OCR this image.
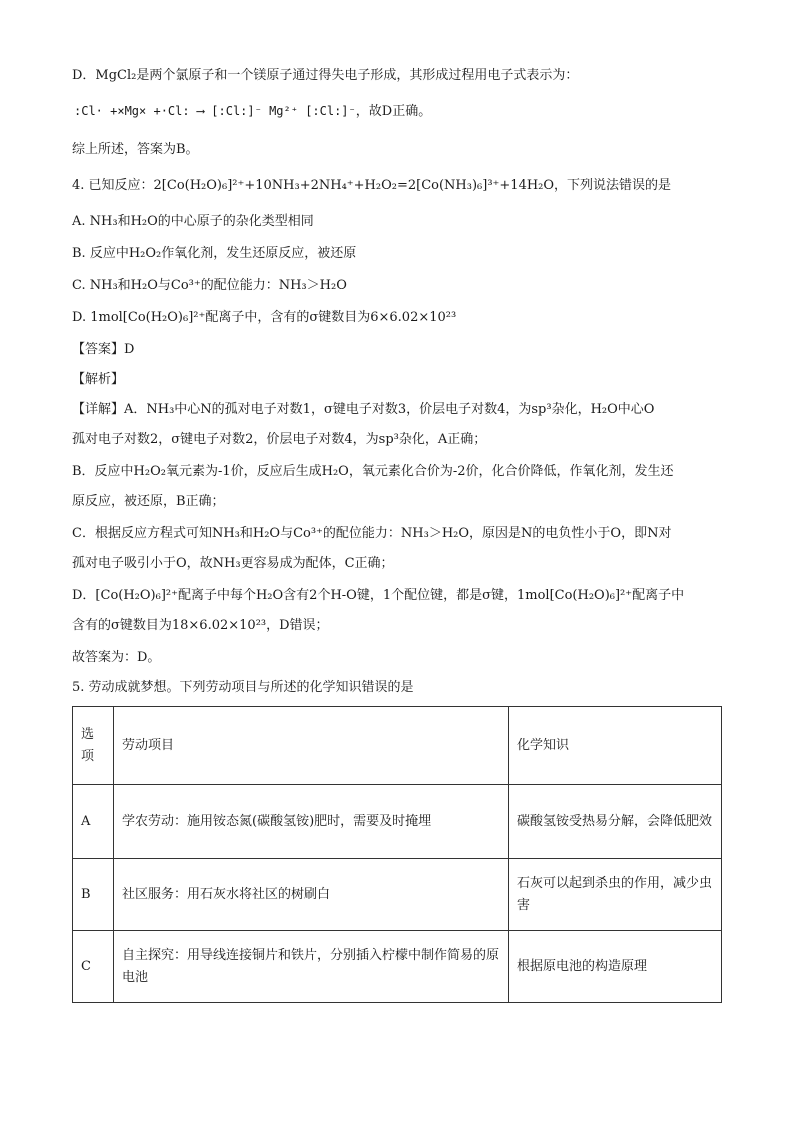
D．MgCl₂是两个氯原子和一个镁原子通过得失电子形成，其形成过程用电子式表示为：
:Cl· +×Mg× +·Cl: ⟶ [:Cl:]⁻ Mg²⁺ [:Cl:]⁻，故D正确。
综上所述，答案为B。
4. 已知反应：2[Co(H₂O)₆]²⁺+10NH₃+2NH₄⁺+H₂O₂=2[Co(NH₃)₆]³⁺+14H₂O，下列说法错误的是
A. NH₃和H₂O的中心原子的杂化类型相同
B. 反应中H₂O₂作氧化剂，发生还原反应，被还原
C. NH₃和H₂O与Co³⁺的配位能力：NH₃＞H₂O
D. 1mol[Co(H₂O)₆]²⁺配离子中，含有的σ键数目为6×6.02×10²³
【答案】D
【解析】
【详解】A．NH₃中心N的孤对电子对数1，σ键电子对数3，价层电子对数4，为sp³杂化，H₂O中心O
孤对电子对数2，σ键电子对数2，价层电子对数4，为sp³杂化，A正确；
B．反应中H₂O₂氧元素为-1价，反应后生成H₂O，氧元素化合价为-2价，化合价降低，作氧化剂，发生还
原反应，被还原，B正确；
C．根据反应方程式可知NH₃和H₂O与Co³⁺的配位能力：NH₃＞H₂O，原因是N的电负性小于O，即N对
孤对电子吸引小于O，故NH₃更容易成为配体，C正确；
D．[Co(H₂O)₆]²⁺配离子中每个H₂O含有2个H-O键，1个配位键，都是σ键，1mol[Co(H₂O)₆]²⁺配离子中
含有的σ键数目为18×6.02×10²³，D错误；
故答案为：D。
5. 劳动成就梦想。下列劳动项目与所述的化学知识错误的是
选项	劳动项目	化学知识
A	学农劳动：施用铵态氮(碳酸氢铵)肥时，需要及时掩埋	碳酸氢铵受热易分解，会降低肥效
B	社区服务：用石灰水将社区的树刷白	石灰可以起到杀虫的作用，减少虫害
C	自主探究：用导线连接铜片和铁片，分别插入柠檬中制作简易的原电池	根据原电池的构造原理
